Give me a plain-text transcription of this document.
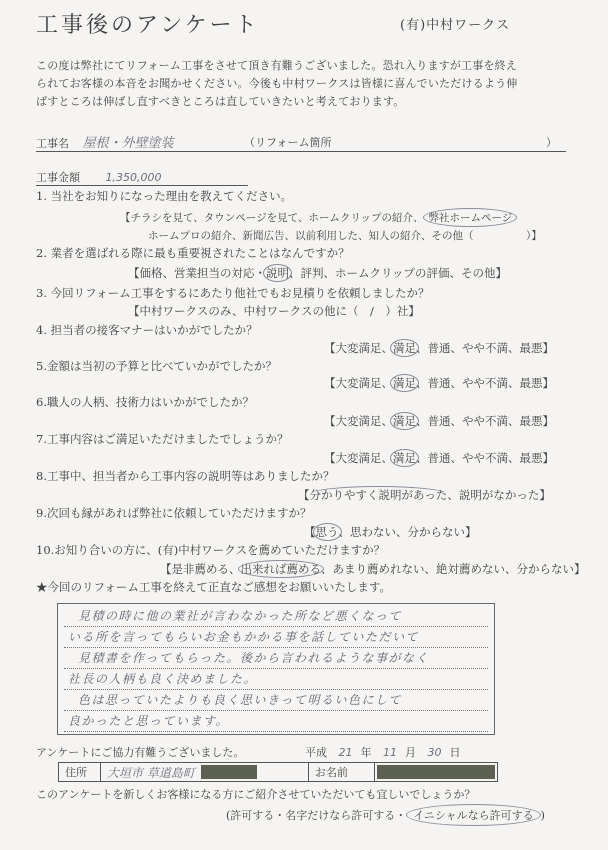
工事後のアンケート	(有)中村ワークス
この度は弊社にてリフォーム工事をさせて頂き有難うございました。恐れ入りますが工事を終え
られてお客様の本音をお聞かせください。今後も中村ワークスは皆様に喜んでいただけるよう伸
ばすところは伸ばし直すべきところは直していきたいと考えております。
工事名 屋根・外壁塗装	（リフォーム箇所	）
工事金額 1,350,000
1. 当社をお知りになった理由を教えてください。
【チラシを見て、タウンページを見て、ホームクリップの紹介、 弊社ホームページ
ホームプロの紹介、新聞広告、以前利用した、知人の紹介、その他（　　　　　）】
2. 業者を選ばれる際に最も重要視されたことはなんですか？
【価格、営業担当の対応・説明、評判、ホームクリップの評価、その他】
3. 今回リフォーム工事をするにあたり他社でもお見積りを依頼しましたか？
【中村ワークスのみ、中村ワークスの他に（　/　）社】
4. 担当者の接客マナーはいかがでしたか？
【大変満足、満足、普通、やや不満、最悪】
5.金額は当初の予算と比べていかがでしたか？
【大変満足、満足、普通、やや不満、最悪】
6.職人の人柄、技術力はいかがでしたか？
【大変満足、満足、普通、やや不満、最悪】
7.工事内容はご満足いただけましたでしょうか？
【大変満足、満足、普通、やや不満、最悪】
8.工事中、担当者から工事内容の説明等はありましたか？
【分かりやすく説明があった、説明がなかった】
9.次回も縁があれば弊社に依頼していただけますか？
【思う、思わない、分からない】
10.お知り合いの方に、(有)中村ワークスを薦めていただけますか？
【是非薦める、出来れば薦める、あまり薦めれない、絶対薦めない、分からない】
★今回のリフォーム工事を終えて正直なご感想をお願いいたします。
見積の時に他の業社が言わなかった所など悪くなって
いる所を言ってもらいお金もかかる事を話していただいて
見積書を作ってもらった。後から言われるような事がなく
社長の人柄も良く決めました。
色は思っていたよりも良く思いきって明るい色にして
良かったと思っています。
アンケートにご協力有難うございました。	平成 21 年 11 月 30 日
住所	大垣市 草道島町	お名前
このアンケートを新しくお客様になる方にご紹介させていただいても宜しいでしょうか？
(許可する・名字だけなら許可する・ イニシャルなら許可する )
